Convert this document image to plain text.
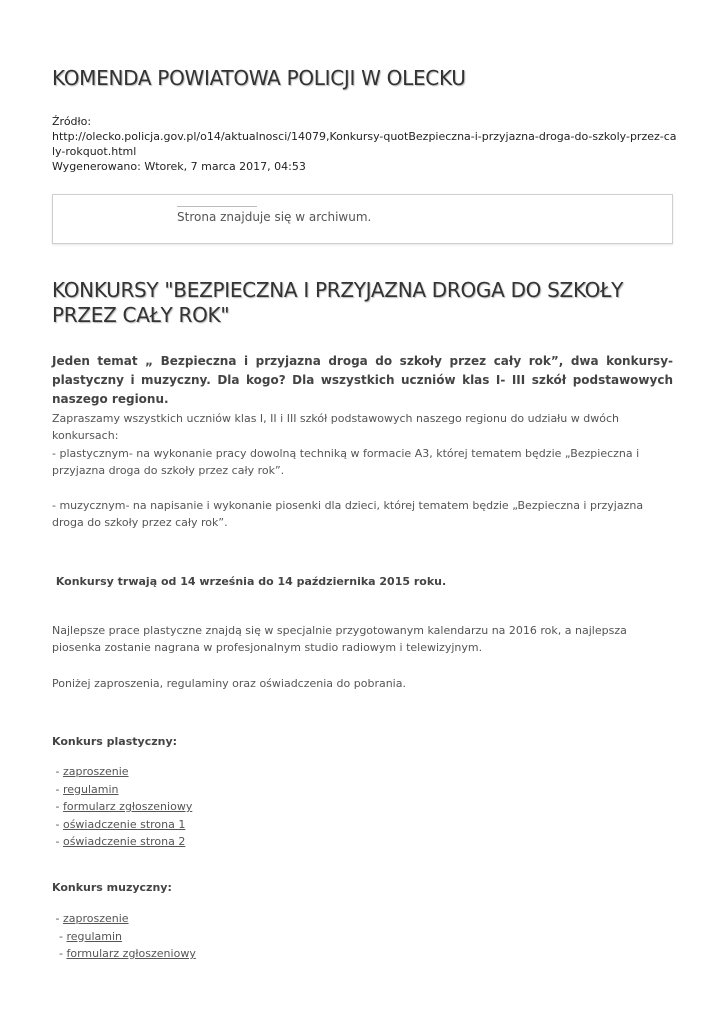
KOMENDA POWIATOWA POLICJI W OLECKU
Źródło:
http://olecko.policja.gov.pl/o14/aktualnosci/14079,Konkursy-quotBezpieczna-i-przyjazna-droga-do-szkoly-przez-caly-rokquot.html
Wygenerowano: Wtorek, 7 marca 2017, 04:53
Strona znajduje się w archiwum.
KONKURSY "BEZPIECZNA I PRZYJAZNA DROGA DO SZKOŁY PRZEZ CAŁY ROK"

Jeden temat „ Bezpieczna i przyjazna droga do szkoły przez cały rok”, dwa konkursy- plastyczny i muzyczny. Dla kogo? Dla wszystkich uczniów klas I- III szkół podstawowych naszego regionu.

Zapraszamy wszystkich uczniów klas I, II i III szkół podstawowych naszego regionu do udziału w dwóch konkursach:

- plastycznym- na wykonanie pracy dowolną techniką w formacie A3, której tematem będzie „Bezpieczna i przyjazna droga do szkoły przez cały rok”.

- muzycznym- na napisanie i wykonanie piosenki dla dzieci, której tematem będzie „Bezpieczna i przyjazna droga do szkoły przez cały rok”.

Konkursy trwają od 14 września do 14 października 2015 roku.

Najlepsze prace plastyczne znajdą się w specjalnie przygotowanym kalendarzu na 2016 rok, a najlepsza piosenka zostanie nagrana w profesjonalnym studio radiowym i telewizyjnym.

Poniżej zaproszenia, regulaminy oraz oświadczenia do pobrania.

Konkurs plastyczny:

- zaproszenie
- regulamin
- formularz zgłoszeniowy
- oświadczenie strona 1
- oświadczenie strona 2

Konkurs muzyczny:

- zaproszenie
- regulamin
- formularz zgłoszeniowy
